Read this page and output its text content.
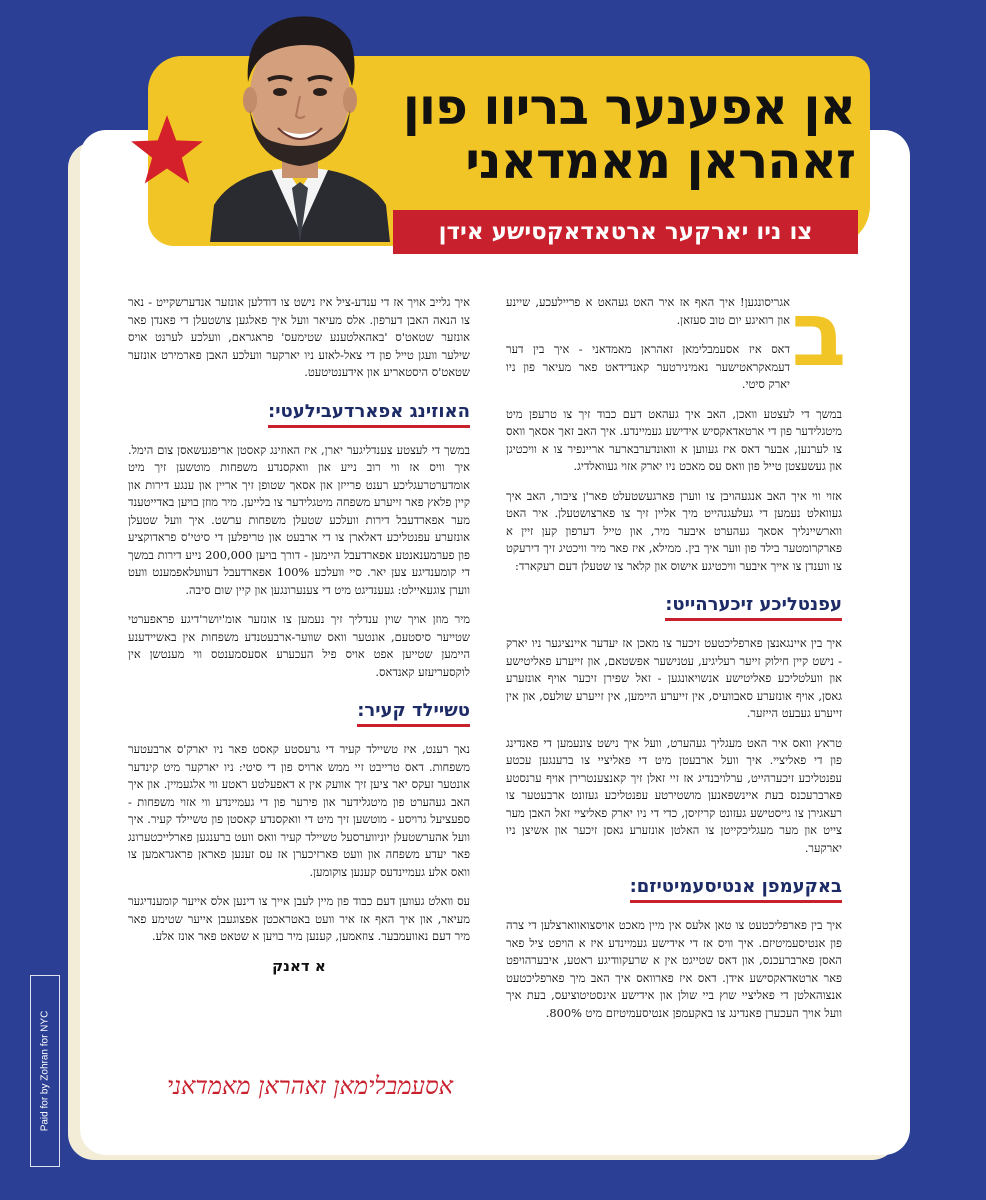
Paid for by Zohran for NYC
אן אפענער בריוו פון זאהראן מאמדאני
צו ניו יארקער ארטאדאקסישע אידן
ב

אגריסונגען! איך האף אז איר האט געהאט א פריילעכע, שיינע און רואיגע יום טוב סעזאן.

דאס איז אסעמבלימאן זאהראן מאמדאני - איך בין דער דעמאקראטישער נאמינירטער קאנדידאט פאר מעיאר פון ניו יארק סיטי.

במשך די לעצטע וואכן, האב איך געהאט דעם כבוד זיך צו טרעפן מיט מיטגלידער פון די ארטאדאקסיש אידישע געמיינדע. איך האב זאך אסאך וואס צו לערנען, אבער דאס איז געווען א וואונדערבארער אריינפיר צו א וויכטיגן און געשעצטן טייל פון וואס עס מאכט ניו יארק אזוי געוואלדיג.

אזוי ווי איך האב אנגעהויבן צו ווערן פארגעשטעלט פאר'ן ציבור, האב איך געוואלט נעמען די געלעגנהייט מיך אליין זיך צו פארצושטעלן. איר האט ווארשיינליך אסאך געהערט איבער מיר, און טייל דערפון קען זיין א פארקרומטער בילד פון ווער איך בין. ממילא, איז פאר מיר וויכטיג זיך דירעקט צו ווענדן צו אייך איבער וויכטיגע אישוס און קלאר צו שטעלן דעם רעקארד:

עפנטליכע זיכערהייט:

איך בין איינגאנצן פארפליכטעט זיכער צו מאכן אז יעדער איינציגער ניו יארק - נישט קיין חילוק זייער רעליגיע, עטנישער אפשטאם, און זייערע פאליטישע און וועלטליכע פאליטישע אנשויאונגען - זאל שפירן זיכער אויף אונזערע גאסן, אויף אונזערע סאבוועיס, אין זייערע היימען, אין זייערע שולעס, און אין זייערע געבעט הייזער.

טראץ וואס איר האט מעגליך געהערט, וועל איך נישט צונעמען די פאנדינג פון די פאליציי. איך וועל ארבעטן מיט די פאליציי צו ברענגען עכטע עפנטליכע זיכערהייט, ערלויבנדיג אז זיי זאלן זיך קאנצענטרירן אויף ערנסטע פארברעכנס בעת איינשפאנען מושטירטע עפנטליכע געזונט ארבעטער צו רעאגירן צו גייסטישע געזונט קריזיסן, כדי די ניו יארק פאליציי זאל האבן מער צייט און מער מעגליכקייטן צו האלטן אונזערע גאסן זיכער און אשיצן ניו יארקער.

באקעמפן אנטיסעמיטיזם:

איך בין פארפליכטעט צו טאן אלעס אין מיין מאכט אויסצואווארצלען די צרה פון אנטיסעמיטיזם. איך וויס אז די אידישע געמיינדע איז א הויפט ציל פאר האסן פארברעכנס, און דאס שטייגט אין א שרעקוודיגע ראטע, איבערהויפט פאר ארטאדאקסישע אידן. דאס איז פארוואס איך האב מיך פארפליכטעט אנצוהאלטן די פאליציי שוץ ביי שולן און אידישע אינסטיטוציעס, בעת איך וועל אויך העכערן פאנדינג צו באקעמפן אנטיסעמיטיזם מיט 800%.

איך גלייב אויך אז די ענדע-ציל איז נישט צו דודלען אונזער אנדערשקייט - נאר צו הנאה האבן דערפון. אלס מעיאר וועל איך פאלגען צושטעלן די פאנדן פאר אונזער שטאט'ס 'באהאלטענע שטימעס' פראגראם, וועלכע לערנט אויס שילער וועגן טייל פון די צאל-לאזע ניו יארקער וועלכע האבן פארמירט אונזער שטאט'ס היסטאריע און אידענטיטעט.

האוזינג אפארדעבילעטי:

במשך די לעצטע צענדליגער יארן, איז האוזינג קאסטן אריפגעשאסן צום הימל. איך וויס אז ווי רוב נייע און וואקסנדע משפחות מוטשען זיך מיט אומדערטרעגליכע רענט פרייזן און אסאך שטופן זיך אריין און ענגע דירות און קיין פלאץ פאר זייערע משפחה מיטגלידער צו בלייען. מיר מוזן בויען באדייטענד מער אפארדעבל דירות וועלכע שטעלן משפחות ערשט. איך וועל שטעלן אונזערע עפנטליכע דאלארן צו די ארבעט און טריפלען די סיטי'ס פראדוקציע פון פערמענאנטע אפארדעבל היימען - דורך בויען 200,000 נייע דירות במשך די קומענדיגע צען יאר. סיי וועלכע 100% אפארדעבל דעוועלאפמענט וועט ווערן צוגעאיילט: געענדיגט מיט די צענערונגען און קיין שום סיבה.

מיר מוזן אויך שוין ענדליך זיך נעמען צו אונזער אומ'יושר'דיגע פראפערטי שטייער סיסטעם, אונטער וואס שווער-ארבעטנדע משפחות אין באשיידענע היימען שטייען אפט אויס פיל העכערע אסעסמענטס ווי מענטשן אין לוקסעריעזע קאנדאס.

טשיילד קעיר:

נאך רענט, איז טשיילד קעיר די גרעסטע קאסט פאר ניו יארק'ס ארבעטער משפחות. דאס טרייבט זיי ממש ארויס פון די סיטי: ניו יארקער מיט קינדער אונטער זעקס יאר ציען זיך אוועק אין א דאפעלטע ראטע ווי אלגעמיין. און איך האב געהערט פון מיטגלידער און פירער פון די געמיינדע ווי אזוי משפחות - ספעציעל גרויסע - מוטשען זיך מיט די וואקסנדע קאסטן פון טשיילד קעיר. איך וועל אהערשטעלן יוניווערסעל טשיילד קעיר וואס וועט ברענגען פארלייכטערונג פאר יעדע משפחה און וועט פארזיכערן אז עס זענען פאראן פראגראמען צו וואס אלע געמיינדעס קענען צוקומען.

עס וואלט געווען דעם כבוד פון מיין לעבן אייך צו דינען אלס אייער קומענדיגער מעיאר, און איך האף אז איר וועט באטראכטן אפצוגעבן אייער שטימע פאר מיר דעם נאוועמבער. צוזאמען, קענען מיר בויען א שטאט פאר אונז אלע.

א דאנק
אסעמבלימאן זאהראן מאמדאני
